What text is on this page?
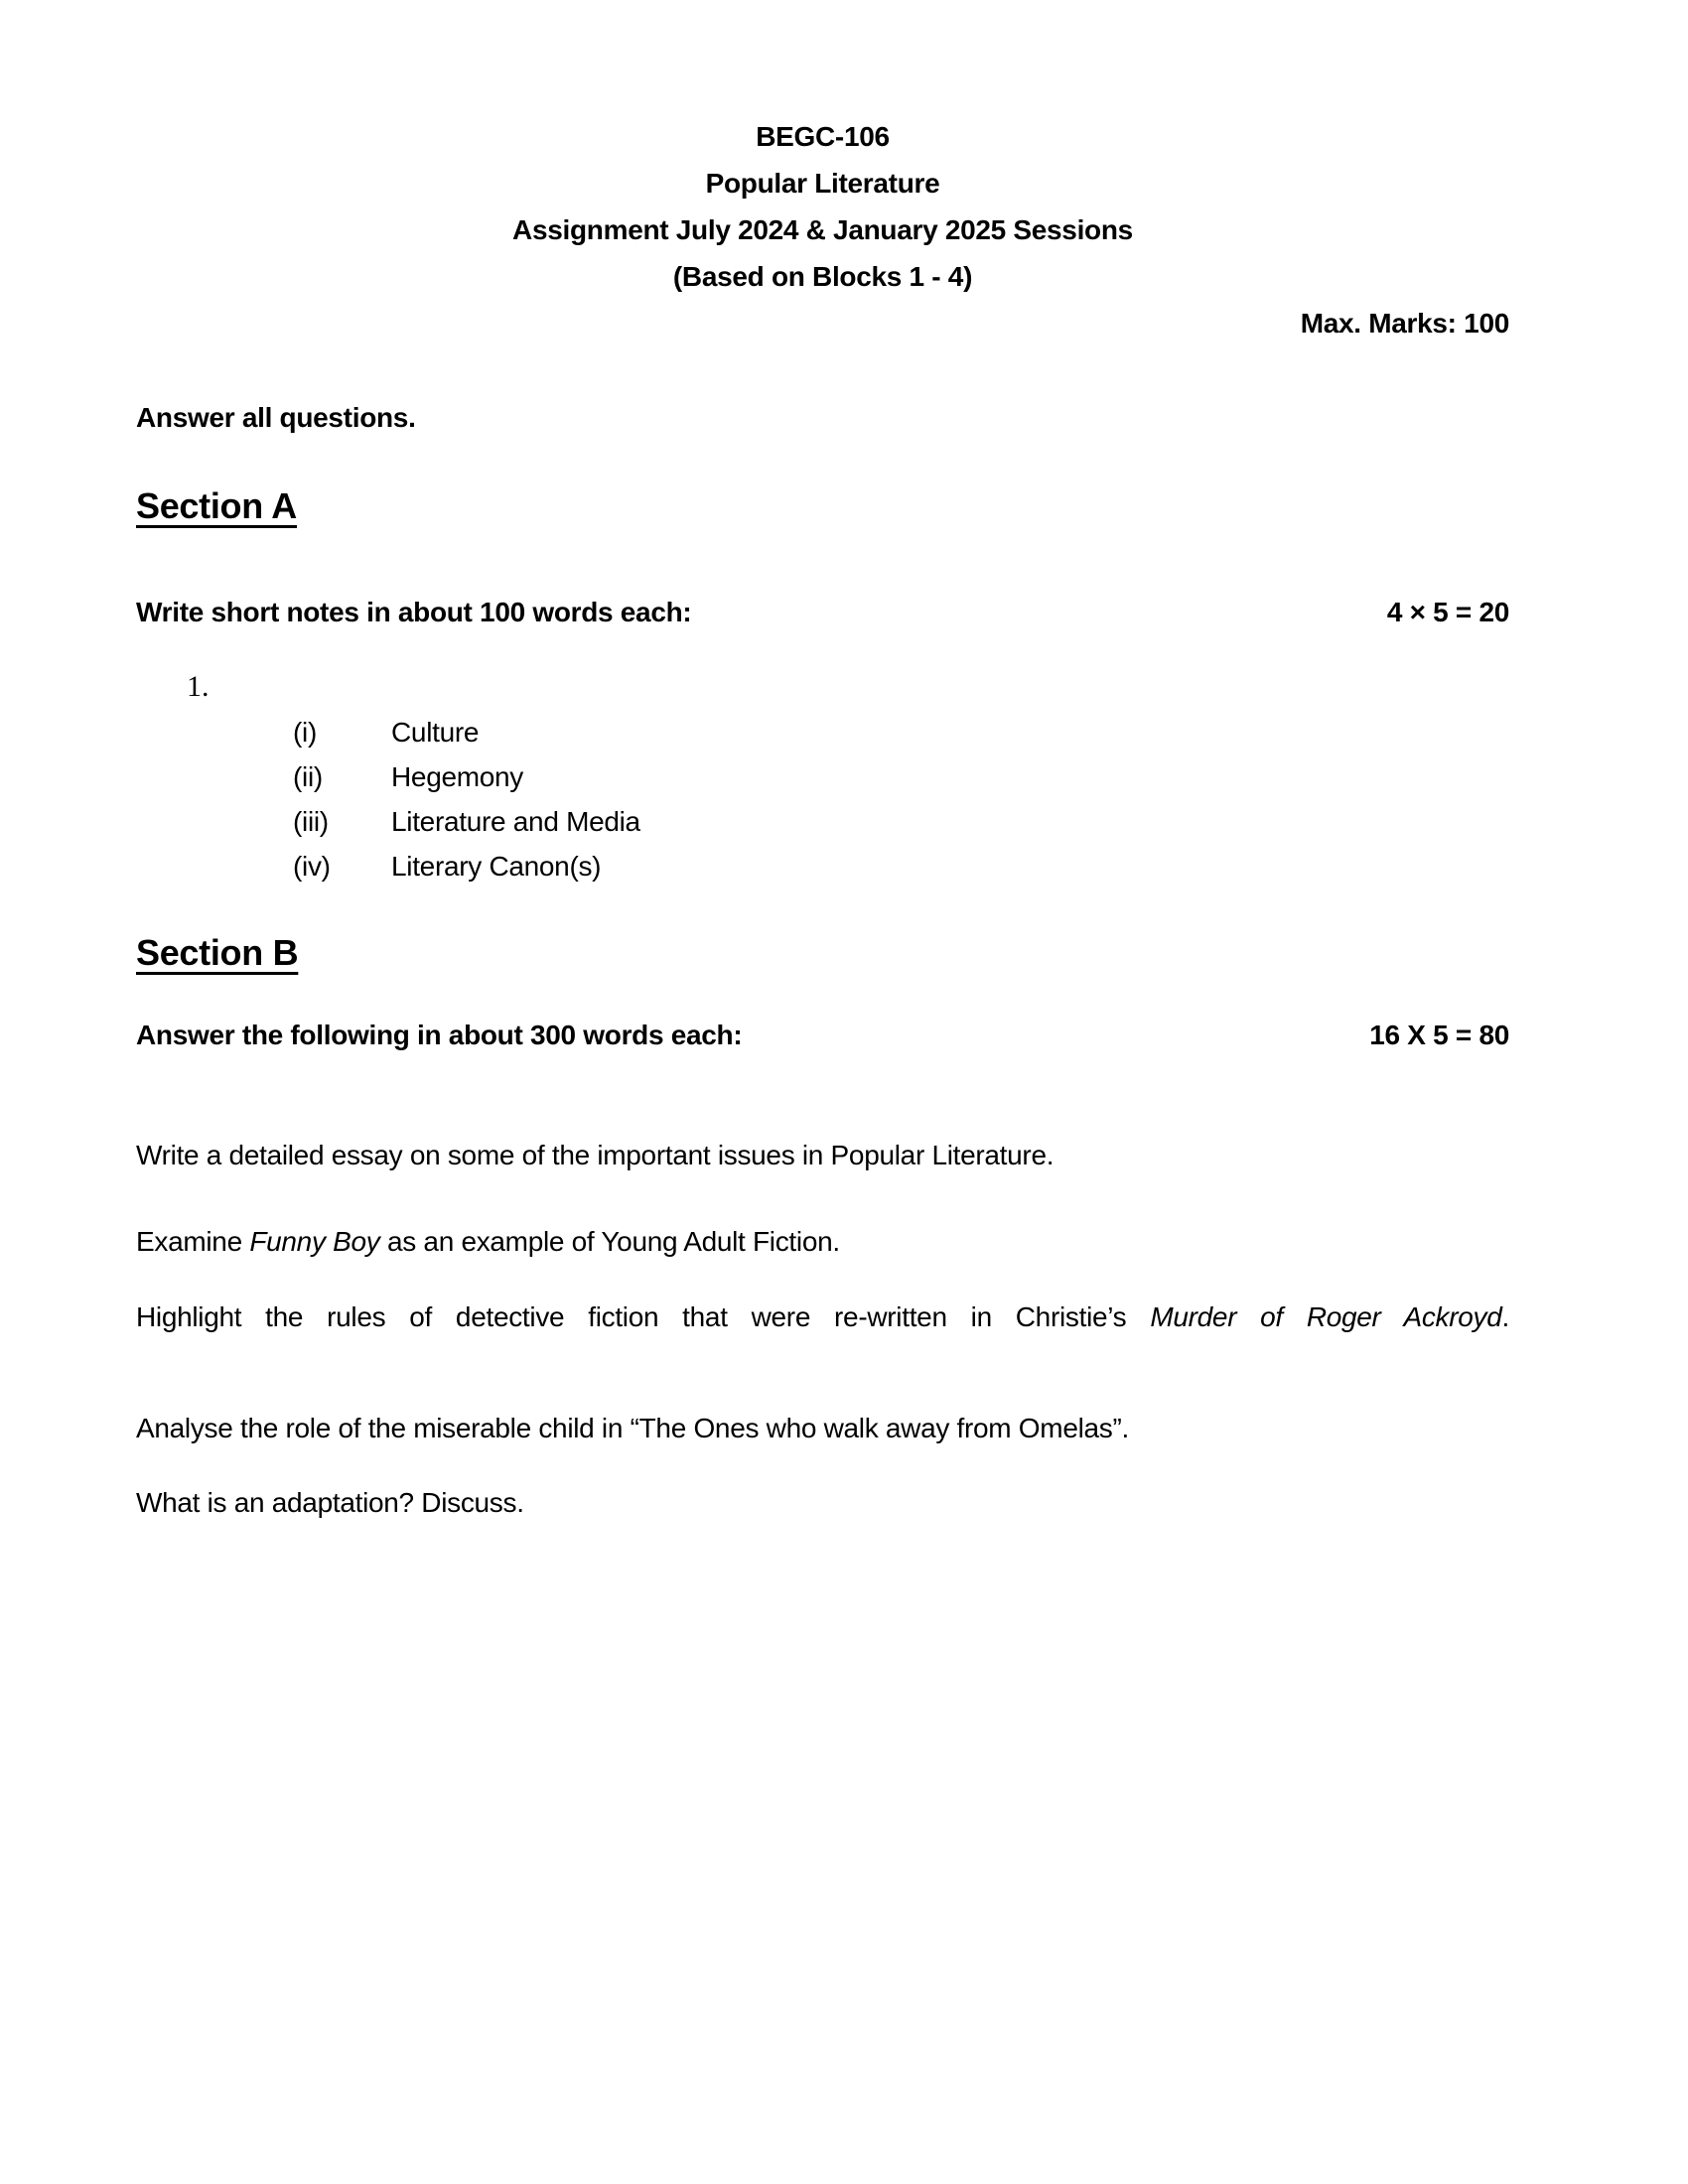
BEGC-106
Popular Literature
Assignment July 2024 & January 2025 Sessions
(Based on Blocks 1 - 4)
Max. Marks: 100
Answer all questions.
Section A
Write short notes in about 100 words each:	4 × 5 = 20
1.
(i)	Culture
(ii)	Hegemony
(iii)	Literature and Media
(iv)	Literary Canon(s)
Section B
Answer the following in about 300 words each:	16 X 5 = 80

Write a detailed essay on some of the important issues in Popular Literature.

Examine Funny Boy as an example of Young Adult Fiction.

Highlight the rules of detective fiction that were re-written in Christie’s Murder of Roger Ackroyd.

Analyse the role of the miserable child in “The Ones who walk away from Omelas”.

What is an adaptation? Discuss.
